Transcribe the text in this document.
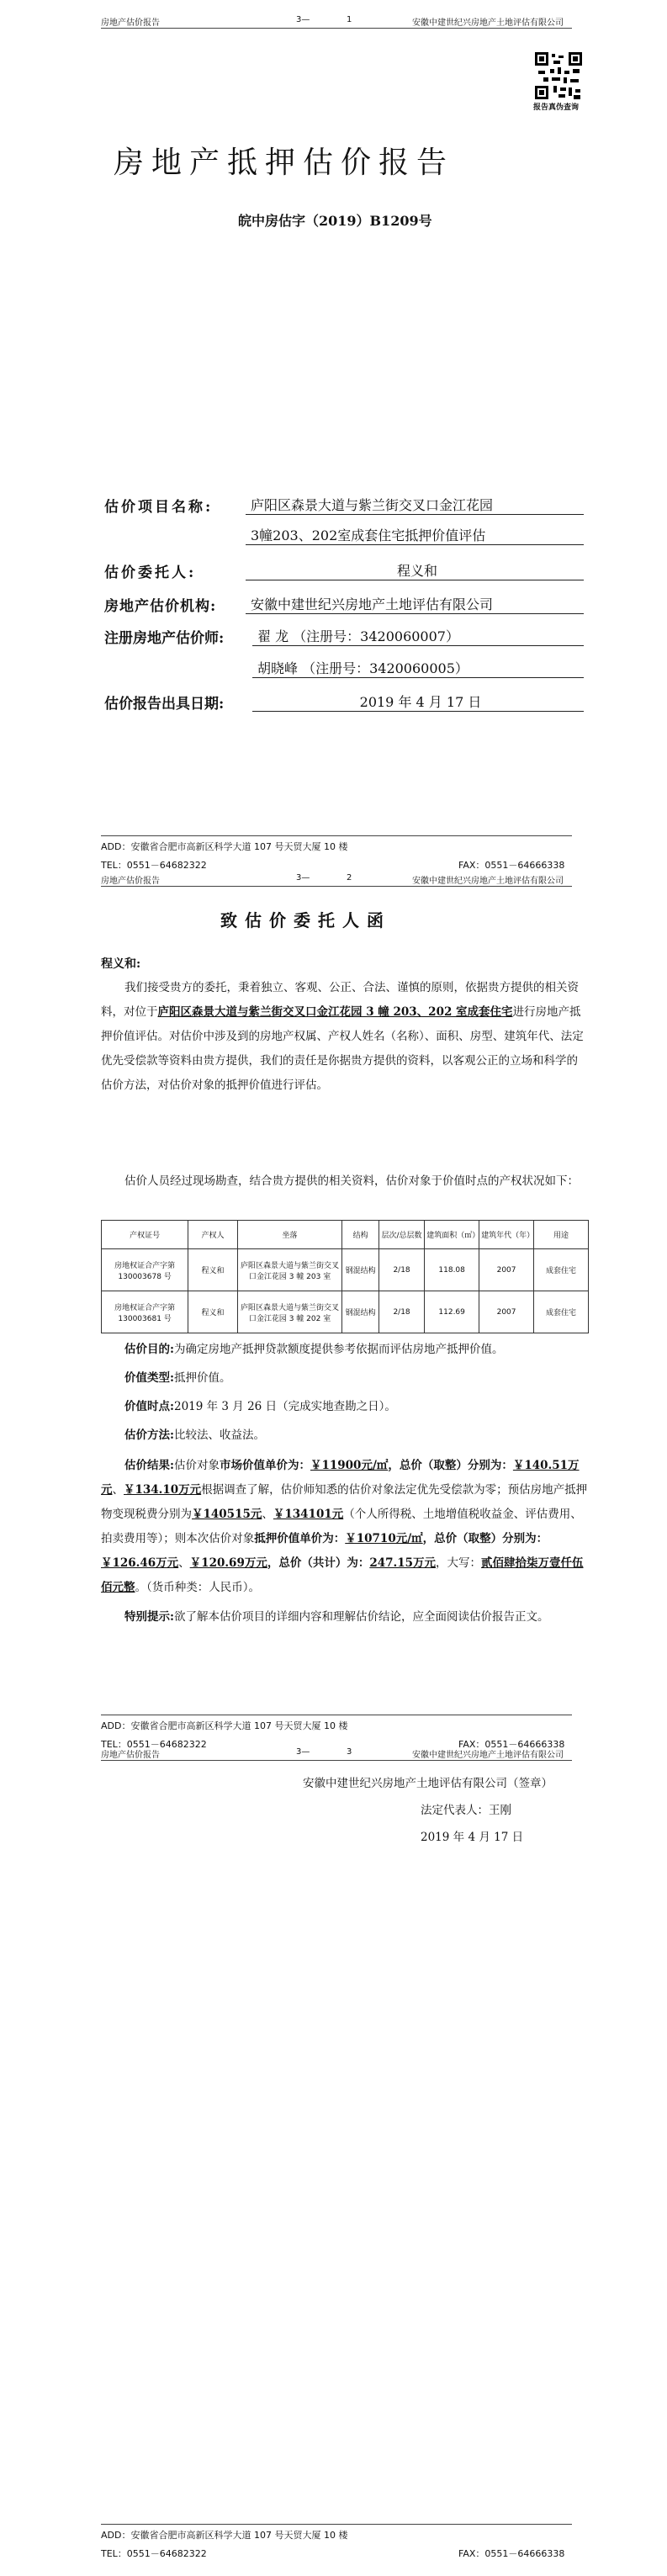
房地产估价报告	3—	1	安徽中建世纪兴房地产土地评估有限公司
报告真伪查询
房地产抵押估价报告
皖中房估字（2019）B1209号
估价项目名称:	庐阳区森景大道与紫兰街交叉口金江花园
3幢203、202室成套住宅抵押价值评估
估价委托人:	程义和
房地产估价机构:	安徽中建世纪兴房地产土地评估有限公司
注册房地产估价师:	翟 龙 （注册号：3420060007）
胡晓峰 （注册号：3420060005）
估价报告出具日期:	2019 年 4 月 17 日
ADD：安徽省合肥市高新区科学大道 107 号天贸大厦 10 楼
TEL：0551－64682322	FAX：0551－64666338
房地产估价报告	3—	2	安徽中建世纪兴房地产土地评估有限公司
致估价委托人函
程义和:
我们接受贵方的委托，秉着独立、客观、公正、合法、谨慎的原则，依据贵方提供的相关资料，对位于庐阳区森景大道与紫兰街交叉口金江花园 3 幢 203、202 室成套住宅进行房地产抵押价值评估。对估价中涉及到的房地产权属、产权人姓名（名称）、面积、房型、建筑年代、法定优先受偿款等资料由贵方提供，我们的责任是你据贵方提供的资料，以客观公正的立场和科学的估价方法，对估价对象的抵押价值进行评估。
估价人员经过现场勘查，结合贵方提供的相关资料，估价对象于价值时点的产权状况如下：
产权证号	产权人	坐落	结构	层次/总层数	建筑面积（㎡）	建筑年代（年）	用途
房地权证合产字第 130003678 号	程义和	庐阳区森景大道与紫兰街交叉口金江花园 3 幢 203 室	钢混结构	2/18	118.08	2007	成套住宅
房地权证合产字第 130003681 号	程义和	庐阳区森景大道与紫兰街交叉口金江花园 3 幢 202 室	钢混结构	2/18	112.69	2007	成套住宅
估价目的:为确定房地产抵押贷款额度提供参考依据而评估房地产抵押价值。
价值类型:抵押价值。
价值时点:2019 年 3 月 26 日（完成实地查勘之日）。
估价方法:比较法、收益法。
估价结果:估价对象市场价值单价为：￥11900元/㎡，总价（取整）分别为：￥140.51万元、￥134.10万元根据调查了解，估价师知悉的估价对象法定优先受偿款为零；预估房地产抵押物变现税费分别为￥140515元、￥134101元（个人所得税、土地增值税收益金、评估费用、拍卖费用等）；则本次估价对象抵押价值单价为：￥10710元/㎡，总价（取整）分别为：￥126.46万元、￥120.69万元，总价（共计）为：247.15万元，大写：贰佰肆拾柒万壹仟伍佰元整。（货币种类：人民币）。
特别提示:欲了解本估价项目的详细内容和理解估价结论，应全面阅读估价报告正文。
ADD：安徽省合肥市高新区科学大道 107 号天贸大厦 10 楼
TEL：0551－64682322	FAX：0551－64666338
房地产估价报告	3—	3	安徽中建世纪兴房地产土地评估有限公司
安徽中建世纪兴房地产土地评估有限公司（签章）
法定代表人：王刚
2019 年 4 月 17 日
ADD：安徽省合肥市高新区科学大道 107 号天贸大厦 10 楼
TEL：0551－64682322	FAX：0551－64666338
